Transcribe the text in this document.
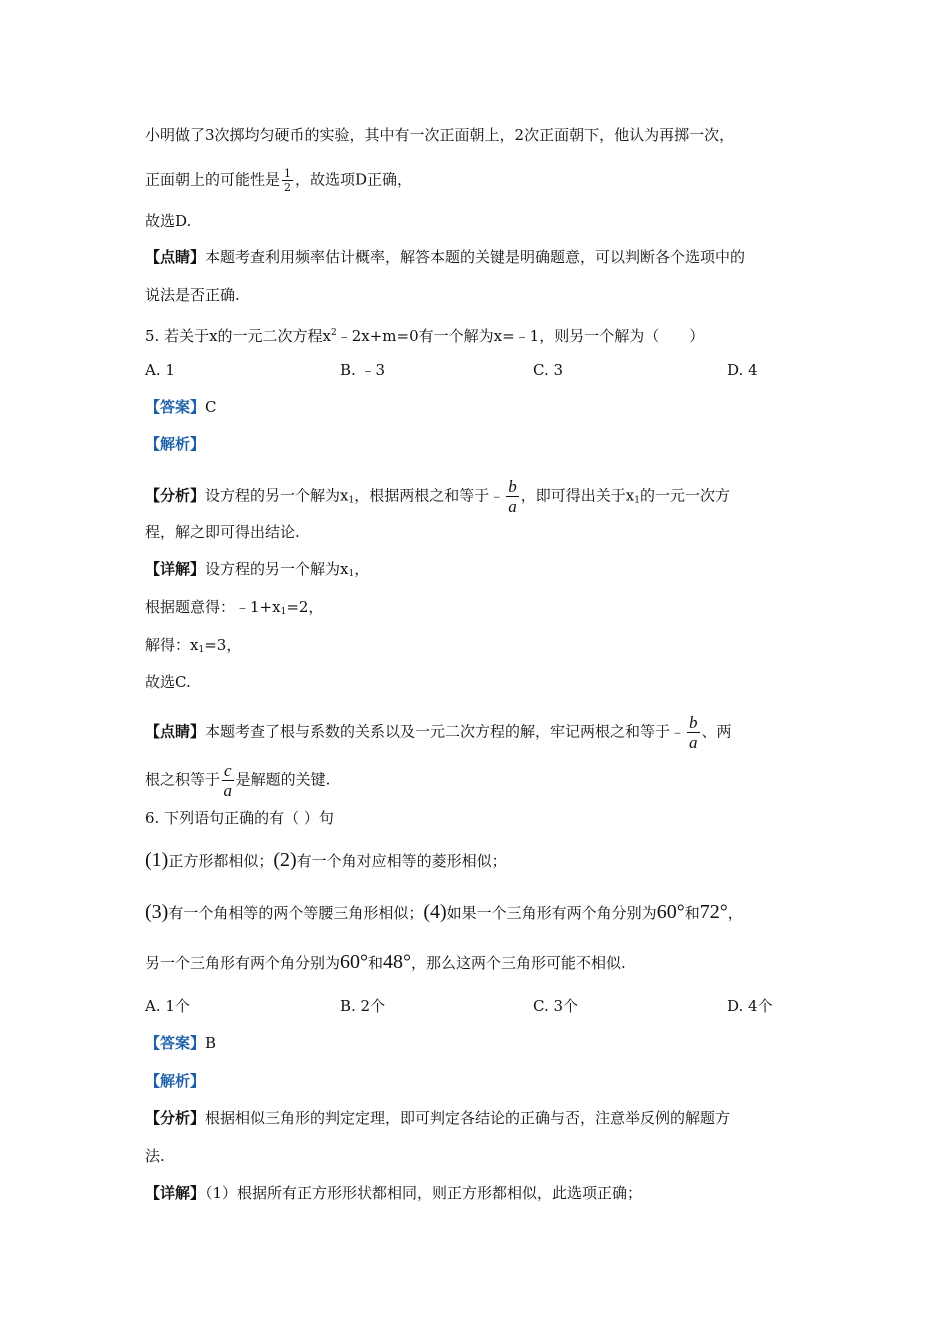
小明做了3次掷均匀硬币的实验，其中有一次正面朝上，2次正面朝下，他认为再掷一次，
正面朝上的可能性是 $\frac{1}{2}$ ，故选项D正确，
故选D.
【点睛】本题考查利用频率估计概率，解答本题的关键是明确题意，可以判断各个选项中的
说法是否正确.
5. 若关于x的一元二次方程$x^2﹣2x+m=0$有一个解为x=﹣1，则另一个解为（　　）
A. 1	B. ﹣3	C. 3	D. 4
【答案】C
【解析】
【分析】设方程的另一个解为$x_1$，根据两根之和等于﹣ $\frac{b}{a}$ ，即可得出关于$x_1$的一元一次方
程，解之即可得出结论.
【详解】设方程的另一个解为$x_1$，
根据题意得：$﹣1+x_1=2$，
解得：$x_1=3$，
故选C.
【点睛】本题考查了根与系数的关系以及一元二次方程的解，牢记两根之和等于﹣ $\frac{b}{a}$ 、两
根之积等于 $\frac{c}{a}$ 是解题的关键.
6. 下列语句正确的有（ ）句
(1)正方形都相似；(2)有一个角对应相等的菱形相似；
(3)有一个角相等的两个等腰三角形相似；(4)如果一个三角形有两个角分别为60°和72°，
另一个三角形有两个角分别为60°和48°，那么这两个三角形可能不相似.
A. 1个	B. 2个	C. 3个	D. 4个
【答案】B
【解析】
【分析】根据相似三角形的判定定理，即可判定各结论的正确与否，注意举反例的解题方
法.
【详解】（1）根据所有正方形形状都相同，则正方形都相似，此选项正确；
